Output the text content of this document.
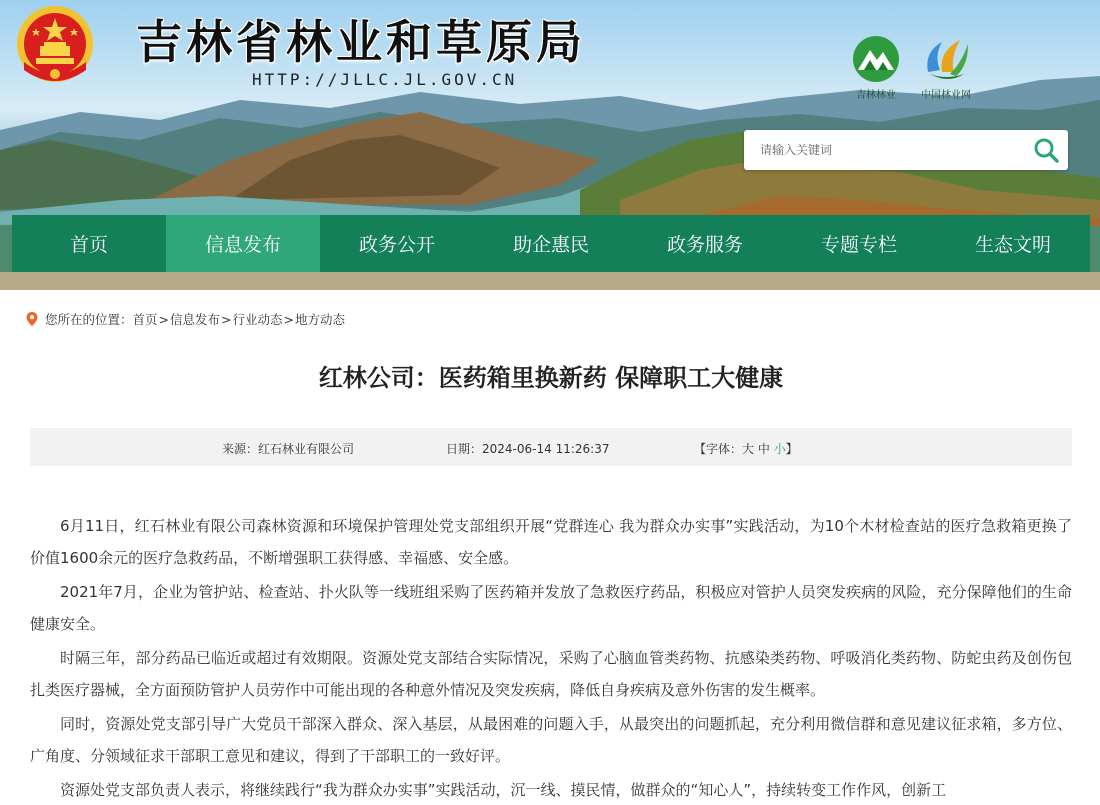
吉林省林业和草原局
HTTP://JLLC.JL.GOV.CN
吉林林业	中国林业网
请输入关键词
首页	信息发布	政务公开	助企惠民	政务服务	专题专栏	生态文明
您所在的位置： 首页 > 信息发布 > 行业动态 > 地方动态
红林公司：医药箱里换新药 保障职工大健康
来源：红石林业有限公司	日期：2024-06-14 11:26:37	【字体：大 中 小】

6月11日，红石林业有限公司森林资源和环境保护管理处党支部组织开展“党群连心 我为群众办实事”实践活动，为10个木材检查站的医疗急救箱更换了价值1600余元的医疗急救药品，不断增强职工获得感、幸福感、安全感。

2021年7月，企业为管护站、检查站、扑火队等一线班组采购了医药箱并发放了急救医疗药品，积极应对管护人员突发疾病的风险，充分保障他们的生命健康安全。

时隔三年，部分药品已临近或超过有效期限。资源处党支部结合实际情况，采购了心脑血管类药物、抗感染类药物、呼吸消化类药物、防蛇虫药及创伤包扎类医疗器械，全方面预防管护人员劳作中可能出现的各种意外情况及突发疾病，降低自身疾病及意外伤害的发生概率。

同时，资源处党支部引导广大党员干部深入群众、深入基层，从最困难的问题入手，从最突出的问题抓起，充分利用微信群和意见建议征求箱，多方位、广角度、分领域征求干部职工意见和建议，得到了干部职工的一致好评。

资源处党支部负责人表示，将继续践行“我为群众办实事”实践活动，沉一线、摸民情，做群众的“知心人”，持续转变工作作风，创新工
